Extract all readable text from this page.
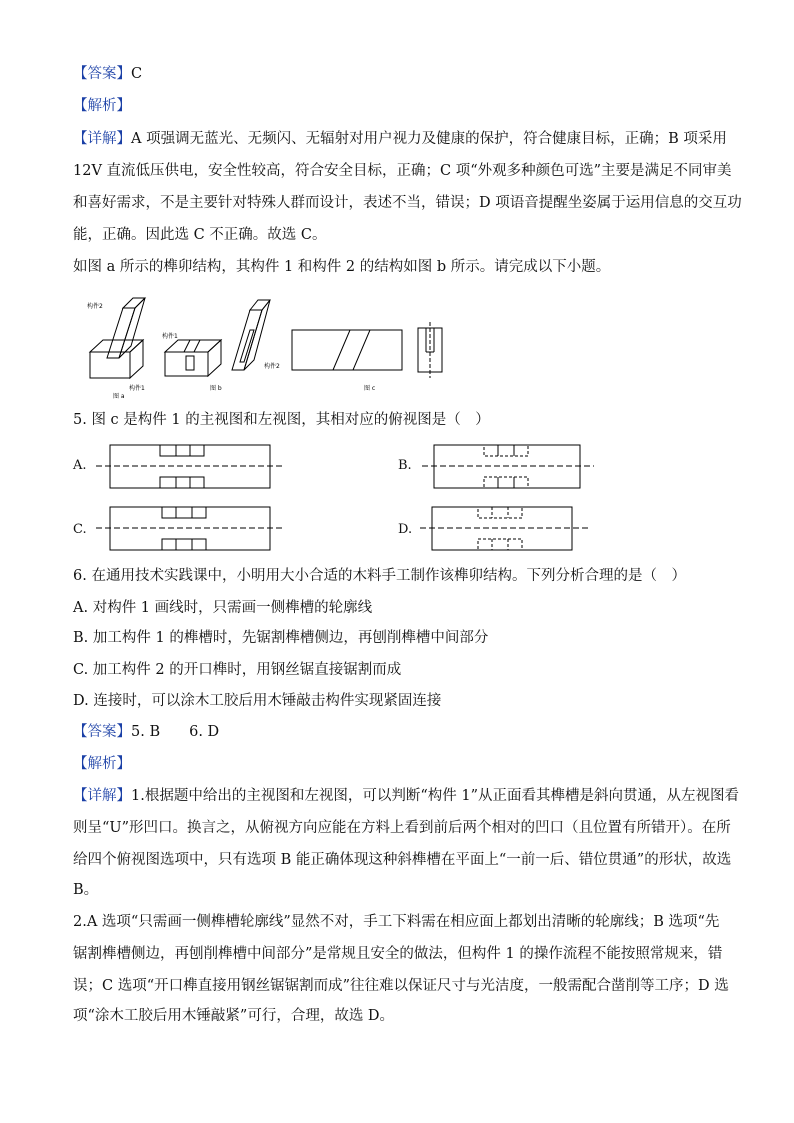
【答案】C
【解析】
【详解】A 项强调无蓝光、无频闪、无辐射对用户视力及健康的保护，符合健康目标，正确；B 项采用
12V 直流低压供电，安全性较高，符合安全目标，正确；C 项“外观多种颜色可选”主要是满足不同审美
和喜好需求，不是主要针对特殊人群而设计，表述不当，错误；D 项语音提醒坐姿属于运用信息的交互功
能，正确。因此选 C 不正确。故选 C。
如图 a 所示的榫卯结构，其构件 1 和构件 2 的结构如图 b 所示。请完成以下小题。
构件2
构件1
图 a
构件1
构件2
图 b	图 c
5. 图 c 是构件 1 的主视图和左视图，其相对应的俯视图是（　）
A.	B.
C.	D.
6. 在通用技术实践课中，小明用大小合适的木料手工制作该榫卯结构。下列分析合理的是（　）
A. 对构件 1 画线时，只需画一侧榫槽的轮廓线
B. 加工构件 1 的榫槽时，先锯割榫槽侧边，再刨削榫槽中间部分
C. 加工构件 2 的开口榫时，用钢丝锯直接锯割而成
D. 连接时，可以涂木工胶后用木锤敲击构件实现紧固连接
【答案】5. B　　6. D
【解析】
【详解】1.根据题中给出的主视图和左视图，可以判断“构件 1”从正面看其榫槽是斜向贯通，从左视图看
则呈“U”形凹口。换言之，从俯视方向应能在方料上看到前后两个相对的凹口（且位置有所错开）。在所
给四个俯视图选项中，只有选项 B 能正确体现这种斜榫槽在平面上“一前一后、错位贯通”的形状，故选
B。
2.A 选项“只需画一侧榫槽轮廓线”显然不对，手工下料需在相应面上都划出清晰的轮廓线；B 选项“先
锯割榫槽侧边，再刨削榫槽中间部分”是常规且安全的做法，但构件 1 的操作流程不能按照常规来，错
误；C 选项“开口榫直接用钢丝锯锯割而成”往往难以保证尺寸与光洁度，一般需配合凿削等工序；D 选
项“涂木工胶后用木锤敲紧”可行，合理，故选 D。
